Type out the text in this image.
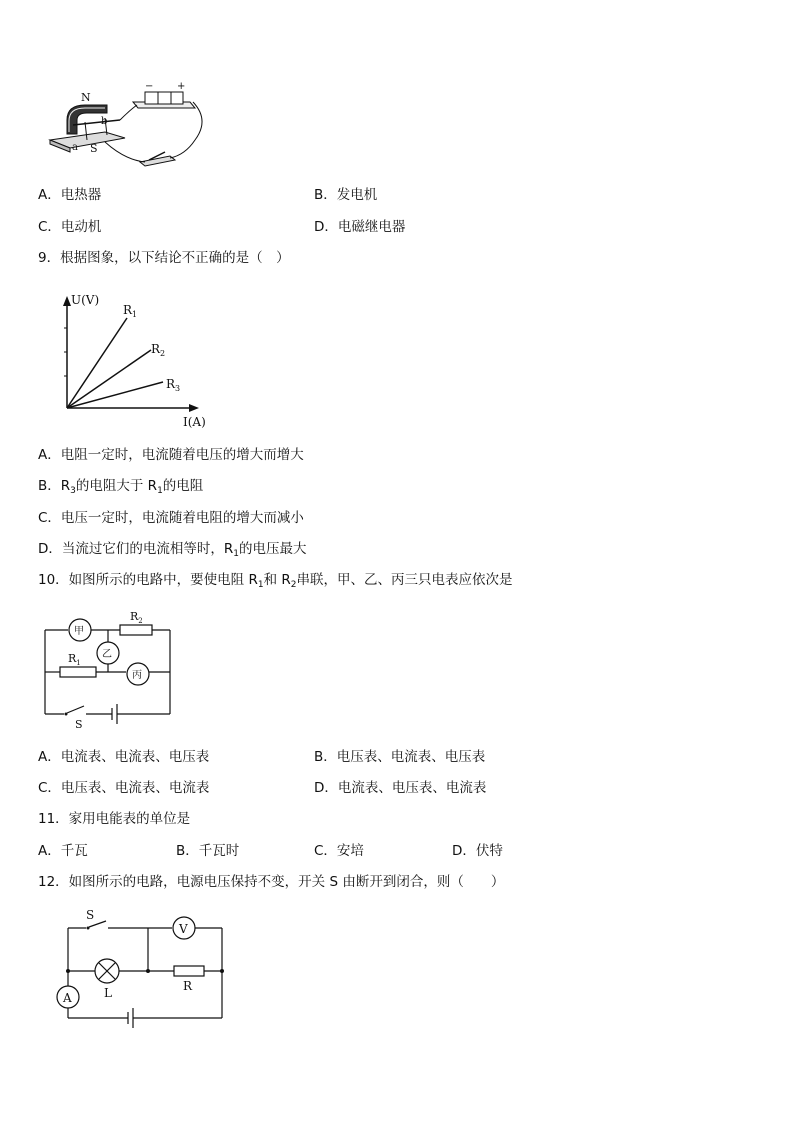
N
S
a
b
− +
A．电热器	B．发电机
C．电动机	D．电磁继电器
9．根据图象，以下结论不正确的是（　）
U(V)
I(A)
$R_1$
$R_2$
$R_3$
A．电阻一定时，电流随着电压的增大而增大
B．$R_3$的电阻大于 $R_1$的电阻
C．电压一定时，电流随着电阻的增大而减小
D．当流过它们的电流相等时，$R_1$的电压最大
10．如图所示的电路中，要使电阻 $R_1$和 $R_2$串联，甲、乙、丙三只电表应依次是
甲
$R_2$
乙
$R_1$
丙
S
A．电流表、电流表、电压表	B．电压表、电流表、电压表
C．电压表、电流表、电流表	D．电流表、电压表、电流表
11．家用电能表的单位是
A．千瓦	B．千瓦时	C．安培	D．伏特
12．如图所示的电路，电源电压保持不变，开关 S 由断开到闭合，则（　　）
S
V
A	L	R
